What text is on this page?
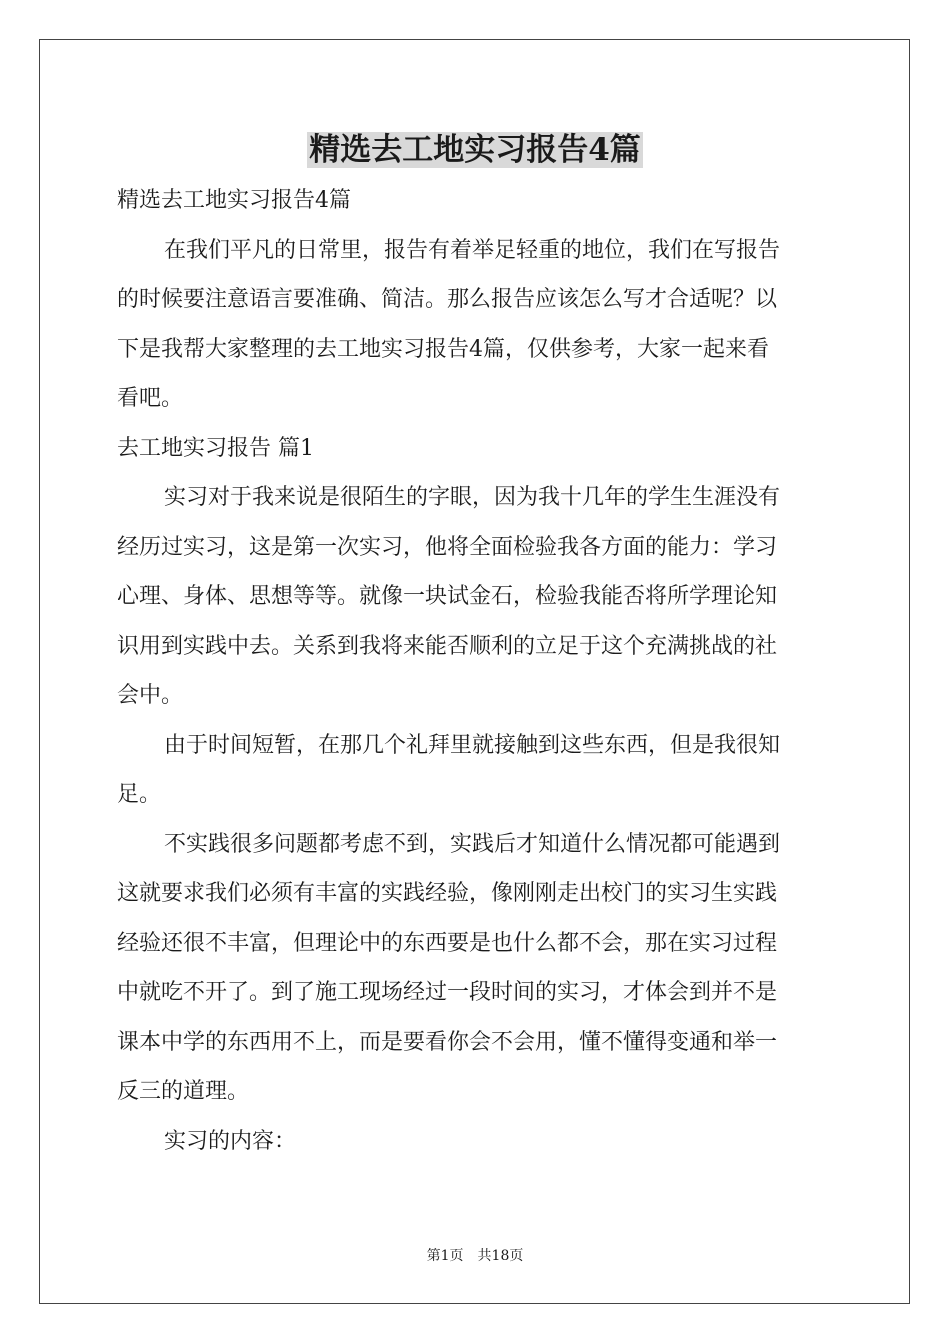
精选去工地实习报告4篇

精选去工地实习报告4篇

在我们平凡的日常里，报告有着举足轻重的地位，我们在写报告

的时候要注意语言要准确、简洁。那么报告应该怎么写才合适呢？以

下是我帮大家整理的去工地实习报告4篇，仅供参考，大家一起来看

看吧。

去工地实习报告 篇1

实习对于我来说是很陌生的字眼，因为我十几年的学生生涯没有

经历过实习，这是第一次实习，他将全面检验我各方面的能力：学习

心理、身体、思想等等。就像一块试金石，检验我能否将所学理论知

识用到实践中去。关系到我将来能否顺利的立足于这个充满挑战的社

会中。

由于时间短暂，在那几个礼拜里就接触到这些东西，但是我很知

足。

不实践很多问题都考虑不到，实践后才知道什么情况都可能遇到

这就要求我们必须有丰富的实践经验，像刚刚走出校门的实习生实践

经验还很不丰富，但理论中的东西要是也什么都不会，那在实习过程

中就吃不开了。到了施工现场经过一段时间的实习，才体会到并不是

课本中学的东西用不上，而是要看你会不会用，懂不懂得变通和举一

反三的道理。

实习的内容：

第1页 共18页
